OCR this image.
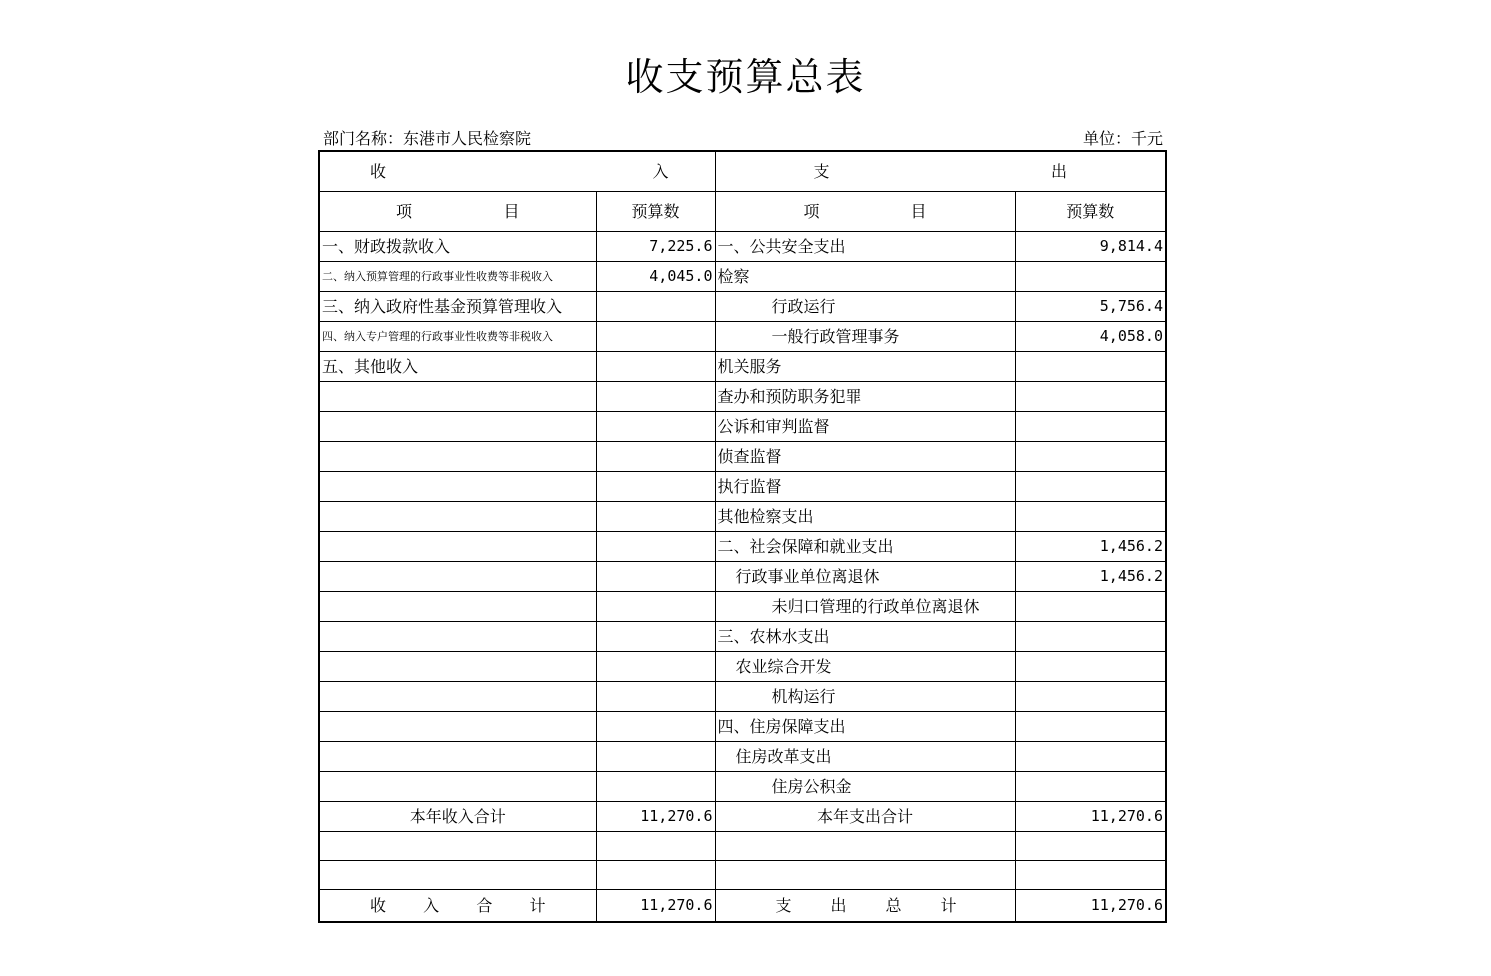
收支预算总表
部门名称：东港市人民检察院	单位：千元
收 入		支 出	

项 目	预算数	项 目	预算数
一、财政拨款收入	7,225.6	一、公共安全支出	9,814.4
二、纳入预算管理的行政事业性收费等非税收入	4,045.0	检察	
三、纳入政府性基金预算管理收入		行政运行	5,756.4
四、纳入专户管理的行政事业性收费等非税收入		一般行政管理事务	4,058.0
五、其他收入		机关服务	
		查办和预防职务犯罪	
		公诉和审判监督	
		侦查监督	
		执行监督	
		其他检察支出	
		二、社会保障和就业支出	1,456.2
		行政事业单位离退休	1,456.2
		未归口管理的行政单位离退休	
		三、农林水支出	
		农业综合开发	
		机构运行	
		四、住房保障支出	
		住房改革支出	
		住房公积金	
本年收入合计	11,270.6	本年支出合计	11,270.6

收 入 合 计	11,270.6	支 出 总 计	11,270.6
